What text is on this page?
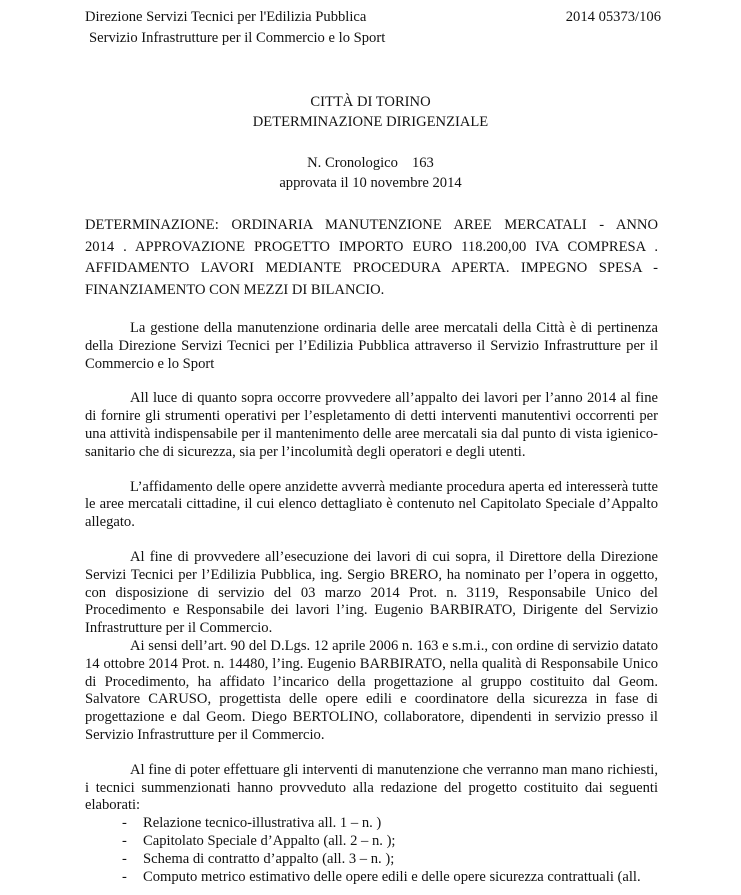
Direzione Servizi Tecnici per l'Edilizia Pubblica	2014 05373/106
Servizio Infrastrutture per il Commercio e lo Sport
CITTÀ DI TORINO
DETERMINAZIONE DIRIGENZIALE
N. Cronologico 163
approvata il 10 novembre 2014
DETERMINAZIONE: ORDINARIA MANUTENZIONE AREE MERCATALI - ANNO
2014 . APPROVAZIONE PROGETTO IMPORTO EURO 118.200,00 IVA COMPRESA .
AFFIDAMENTO LAVORI MEDIANTE PROCEDURA APERTA. IMPEGNO SPESA -
FINANZIAMENTO CON MEZZI DI BILANCIO.

La gestione della manutenzione ordinaria delle aree mercatali della Città è di pertinenza della Direzione Servizi Tecnici per l’Edilizia Pubblica attraverso il Servizio Infrastrutture per il Commercio e lo Sport

All luce di quanto sopra occorre provvedere all’appalto dei lavori per l’anno 2014 al fine di fornire gli strumenti operativi per l’espletamento di detti interventi manutentivi occorrenti per una attività indispensabile per il mantenimento delle aree mercatali sia dal punto di vista igienico-sanitario che di sicurezza, sia per l’incolumità degli operatori e degli utenti.

L’affidamento delle opere anzidette avverrà mediante procedura aperta ed interesserà tutte le aree mercatali cittadine, il cui elenco dettagliato è contenuto nel Capitolato Speciale d’Appalto allegato.

Al fine di provvedere all’esecuzione dei lavori di cui sopra, il Direttore della Direzione Servizi Tecnici per l’Edilizia Pubblica, ing. Sergio BRERO, ha nominato per l’opera in oggetto, con disposizione di servizio del 03 marzo 2014 Prot. n. 3119, Responsabile Unico del Procedimento e Responsabile dei lavori l’ing. Eugenio BARBIRATO, Dirigente del Servizio Infrastrutture per il Commercio.

Ai sensi dell’art. 90 del D.Lgs. 12 aprile 2006 n. 163 e s.m.i., con ordine di servizio datato 14 ottobre 2014 Prot. n. 14480, l’ing. Eugenio BARBIRATO, nella qualità di Responsabile Unico di Procedimento, ha affidato l’incarico della progettazione al gruppo costituito dal Geom. Salvatore CARUSO, progettista delle opere edili e coordinatore della sicurezza in fase di progettazione e dal Geom. Diego BERTOLINO, collaboratore, dipendenti in servizio presso il Servizio Infrastrutture per il Commercio.

Al fine di poter effettuare gli interventi di manutenzione che verranno man mano richiesti, i tecnici summenzionati hanno provveduto alla redazione del progetto costituito dai seguenti elaborati:

- Relazione tecnico-illustrativa all. 1 – n. )
- Capitolato Speciale d’Appalto (all. 2 – n. );
- Schema di contratto d’appalto (all. 3 – n. );
- Computo metrico estimativo delle opere edili e delle opere sicurezza contrattuali (all.
